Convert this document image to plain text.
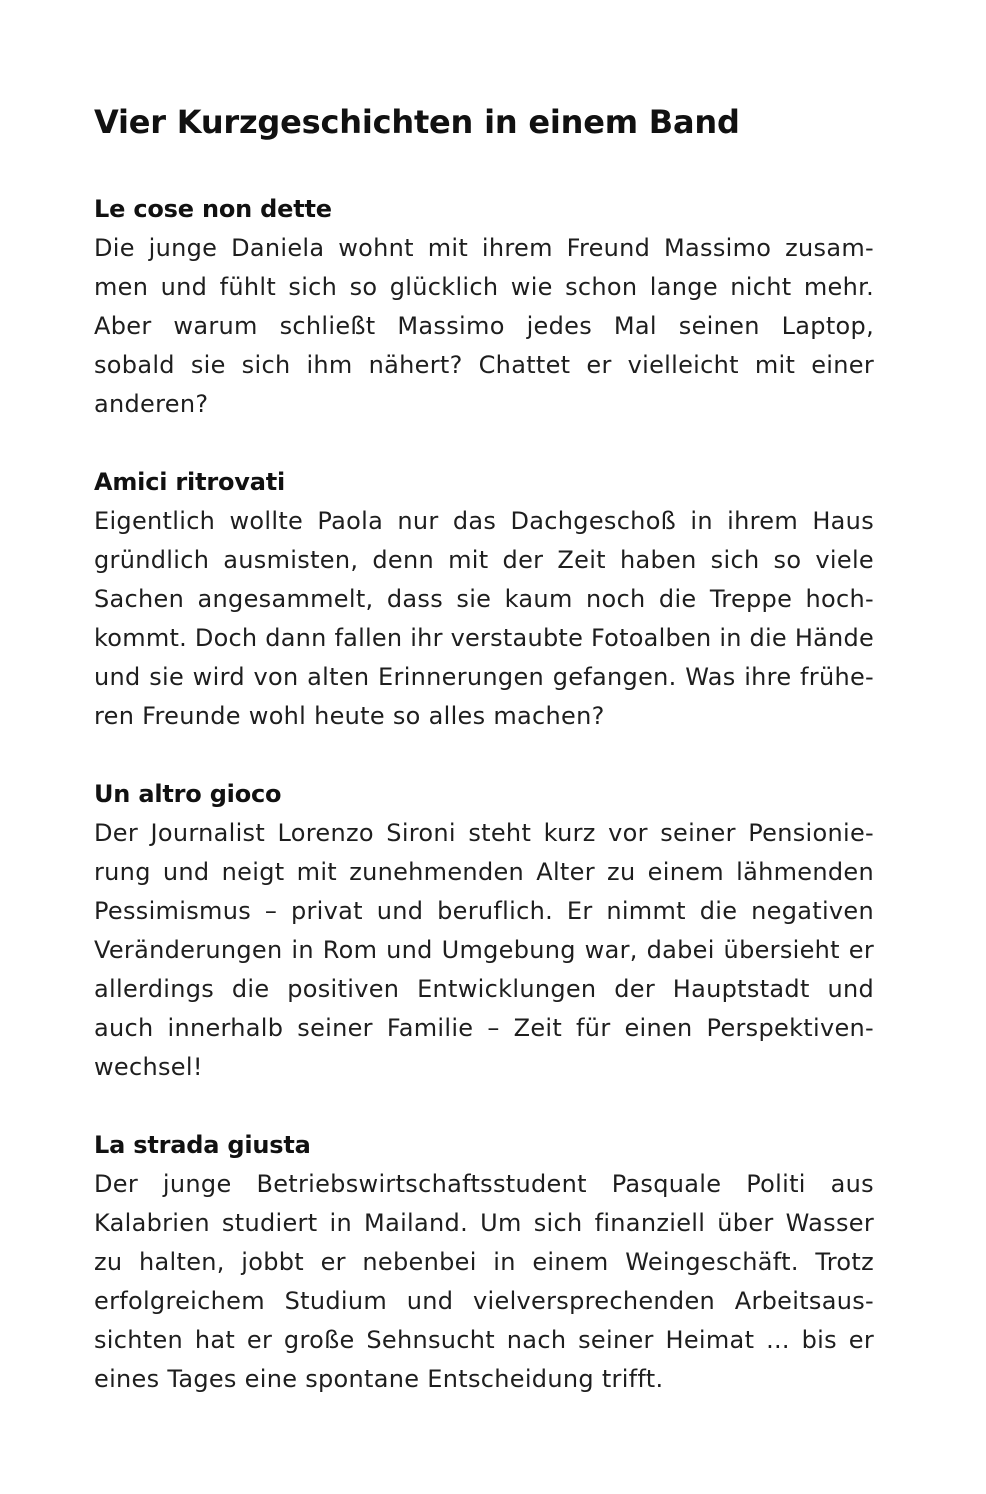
Vier Kurzgeschichten in einem Band
Le cose non dette

Die junge Daniela wohnt mit ihrem Freund Massimo zusam-
men und fühlt sich so glücklich wie schon lange nicht mehr.
Aber warum schließt Massimo jedes Mal seinen Laptop,
sobald sie sich ihm nähert? Chattet er vielleicht mit einer
anderen?

Amici ritrovati

Eigentlich wollte Paola nur das Dachgeschoß in ihrem Haus
gründlich ausmisten, denn mit der Zeit haben sich so viele
Sachen angesammelt, dass sie kaum noch die Treppe hoch-
kommt. Doch dann fallen ihr verstaubte Fotoalben in die Hände
und sie wird von alten Erinnerungen gefangen. Was ihre frühe-
ren Freunde wohl heute so alles machen?

Un altro gioco

Der Journalist Lorenzo Sironi steht kurz vor seiner Pensionie-
rung und neigt mit zunehmenden Alter zu einem lähmenden
Pessimismus – privat und beruflich. Er nimmt die negativen
Veränderungen in Rom und Umgebung war, dabei übersieht er
allerdings die positiven Entwicklungen der Hauptstadt und
auch innerhalb seiner Familie – Zeit für einen Perspektiven-
wechsel!

La strada giusta

Der junge Betriebswirtschaftsstudent Pasquale Politi aus
Kalabrien studiert in Mailand. Um sich finanziell über Wasser
zu halten, jobbt er nebenbei in einem Weingeschäft. Trotz
erfolgreichem Studium und vielversprechenden Arbeitsaus-
sichten hat er große Sehnsucht nach seiner Heimat ... bis er
eines Tages eine spontane Entscheidung trifft.
